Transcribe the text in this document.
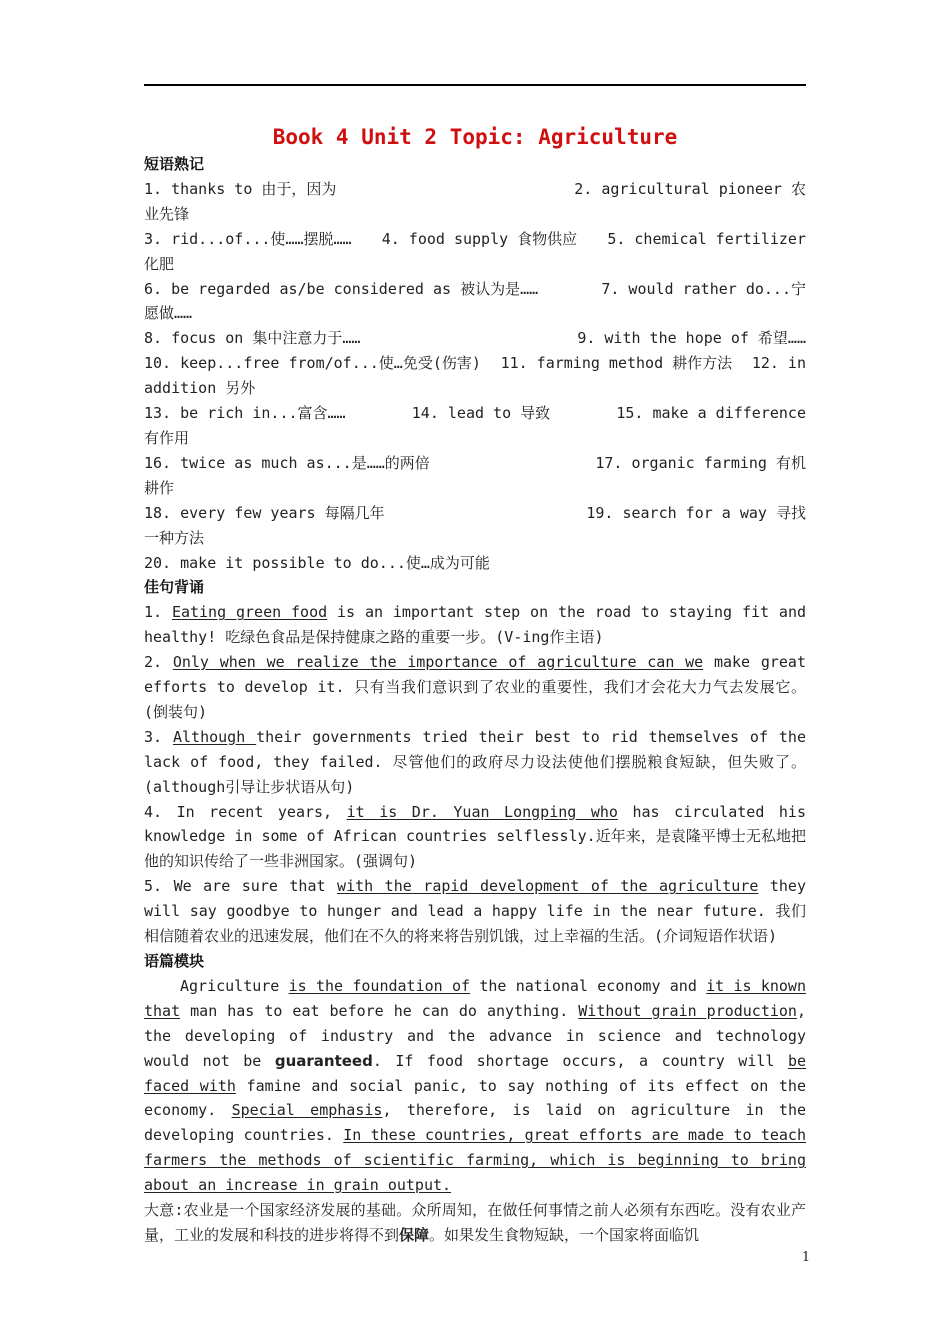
Book 4 Unit 2 Topic: Agriculture
短语熟记
1. thanks to 由于，因为	2. agricultural pioneer 农
业先锋
3. rid...of...使……摆脱…… 4. food supply 食物供应 5. chemical fertilizer
化肥
6. be regarded as/be considered as 被认为是……	7. would rather do...宁
愿做……
8. focus on 集中注意力于……	9. with the hope of 希望……
10. keep...free from/of...使…免受(伤害) 11. farming method 耕作方法 12. in
addition 另外
13. be rich in...富含……	14. lead to 导致	15. make a difference
有作用
16. twice as much as...是……的两倍	17. organic farming 有机
耕作
18. every few years 每隔几年	19. search for a way 寻找
一种方法
20. make it possible to do...使…成为可能
佳句背诵
1. Eating green food is an important step on the road to staying fit and healthy! 吃绿色食品是保持健康之路的重要一步。(V-ing作主语)
2. Only when we realize the importance of agriculture can we make great efforts to develop it. 只有当我们意识到了农业的重要性，我们才会花大力气去发展它。(倒装句)
3. Although their governments tried their best to rid themselves of the lack of food, they failed. 尽管他们的政府尽力设法使他们摆脱粮食短缺，但失败了。(although引导让步状语从句)
4. In recent years, it is Dr. Yuan Longping who has circulated his knowledge in some of African countries selflessly.近年来，是袁隆平博士无私地把他的知识传给了一些非洲国家。(强调句)
5. We are sure that with the rapid development of the agriculture they will say goodbye to hunger and lead a happy life in the near future. 我们相信随着农业的迅速发展，他们在不久的将来将告别饥饿，过上幸福的生活。(介词短语作状语)
语篇模块
Agriculture is the foundation of the national economy and it is known that man has to eat before he can do anything. Without grain production, the developing of industry and the advance in science and technology would not be guaranteed. If food shortage occurs, a country will be faced with famine and social panic, to say nothing of its effect on the economy. Special emphasis, therefore, is laid on agriculture in the developing countries. In these countries, great efforts are made to teach farmers the methods of scientific farming, which is beginning to bring about an increase in grain output.
大意:农业是一个国家经济发展的基础。众所周知，在做任何事情之前人必须有东西吃。没有农业产量，工业的发展和科技的进步将得不到保障。如果发生食物短缺，一个国家将面临饥
1
